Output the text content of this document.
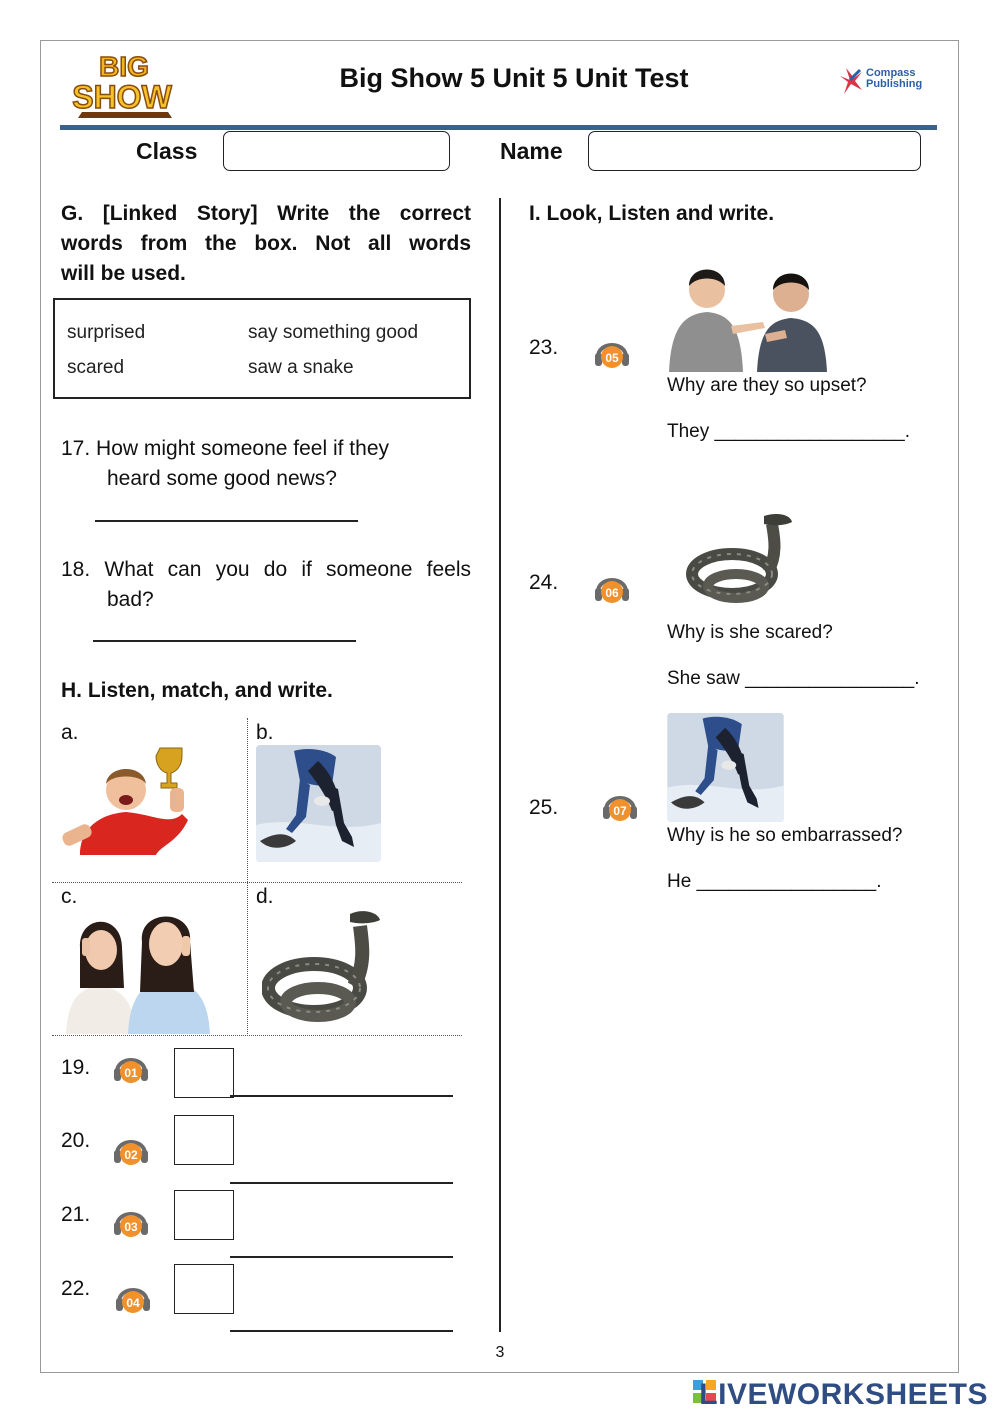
BIG
SHOW
Big Show 5 Unit 5 Unit Test	Compass
Publishing
Class	Name
G. [Linked Story] Write the correct
words from the box. Not all words
will be used.
surprised	say something good
scared	saw a snake
17. How might someone feel if they
heard some good news?
18. What can you do if someone feels
bad?
H. Listen, match, and write.
a.	b.
c.	d.
19.
20.
21.
22.
01
02
03
04
I. Look, Listen and write.
23.	05
Why are they so upset?
They __________________.
24.	06
Why is she scared?
She saw ________________.
25.	07
Why is he so embarrassed?
He _________________.
3
LIVEWORKSHEETS
